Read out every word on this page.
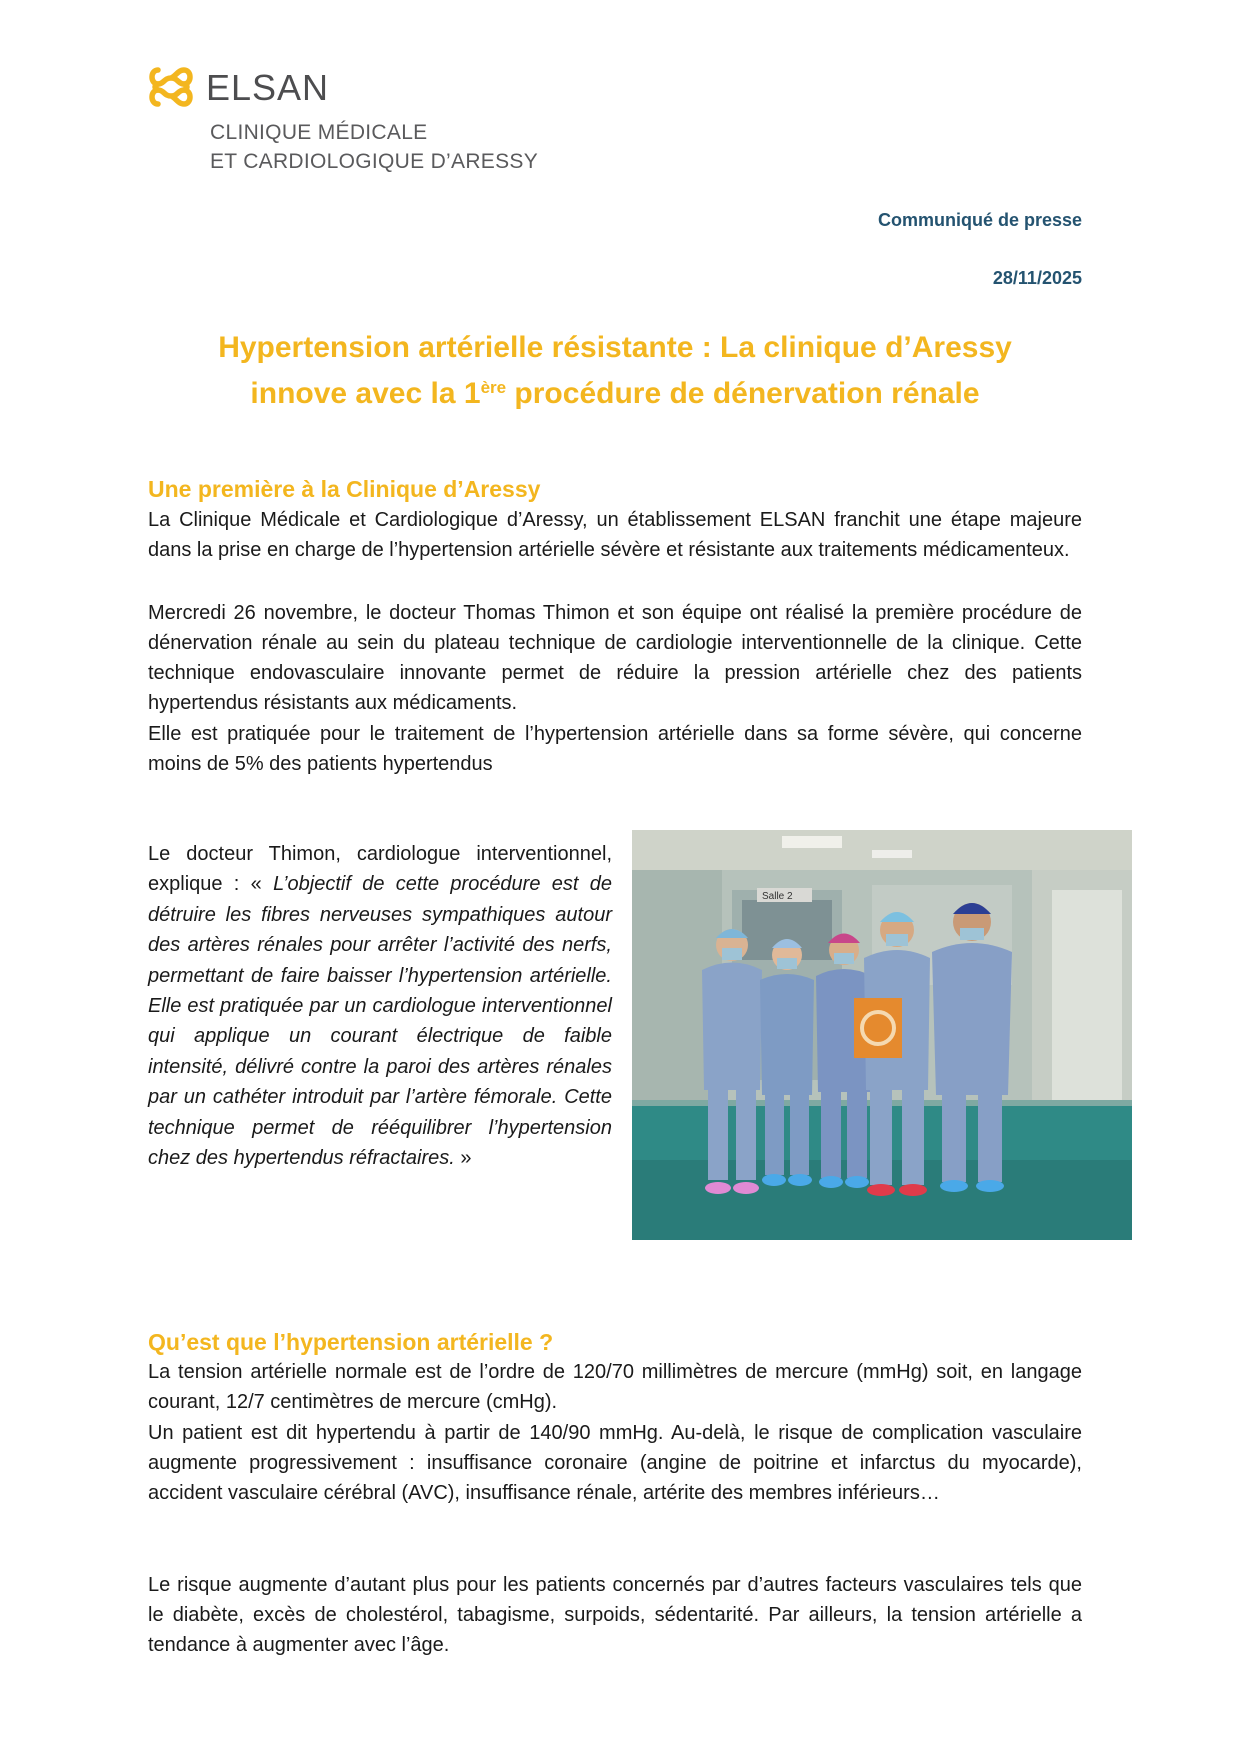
ELSAN
CLINIQUE MÉDICALE
ET CARDIOLOGIQUE D’ARESSY
Communiqué de presse
28/11/2025
Hypertension artérielle résistante : La clinique d’Aressy
innove avec la 1ère procédure de dénervation rénale
Une première à la Clinique d’Aressy

La Clinique Médicale et Cardiologique d’Aressy, un établissement ELSAN franchit une étape majeure dans la prise en charge de l’hypertension artérielle sévère et résistante aux traitements médicamenteux.

Mercredi 26 novembre, le docteur Thomas Thimon et son équipe ont réalisé la première procédure de dénervation rénale au sein du plateau technique de cardiologie interventionnelle de la clinique. Cette technique endovasculaire innovante permet de réduire la pression artérielle chez des patients hypertendus résistants aux médicaments.

Elle est pratiquée pour le traitement de l’hypertension artérielle dans sa forme sévère, qui concerne moins de 5% des patients hypertendus

Le docteur Thimon, cardiologue interventionnel, explique : « L’objectif de cette procédure est de détruire les fibres nerveuses sympathiques autour des artères rénales pour arrêter l’activité des nerfs, permettant de faire baisser l’hypertension artérielle. Elle est pratiquée par un cardiologue interventionnel qui applique un courant électrique de faible intensité, délivré contre la paroi des artères rénales par un cathéter introduit par l’artère fémorale. Cette technique permet de rééquilibrer l’hypertension chez des hypertendus réfractaires. »

Salle 2
Qu’est que l’hypertension artérielle ?

La tension artérielle normale est de l’ordre de 120/70 millimètres de mercure (mmHg) soit, en langage courant, 12/7 centimètres de mercure (cmHg).

Un patient est dit hypertendu à partir de 140/90 mmHg. Au-delà, le risque de complication vasculaire augmente progressivement : insuffisance coronaire (angine de poitrine et infarctus du myocarde), accident vasculaire cérébral (AVC), insuffisance rénale, artérite des membres inférieurs…

Le risque augmente d’autant plus pour les patients concernés par d’autres facteurs vasculaires tels que le diabète, excès de cholestérol, tabagisme, surpoids, sédentarité. Par ailleurs, la tension artérielle a tendance à augmenter avec l’âge.
